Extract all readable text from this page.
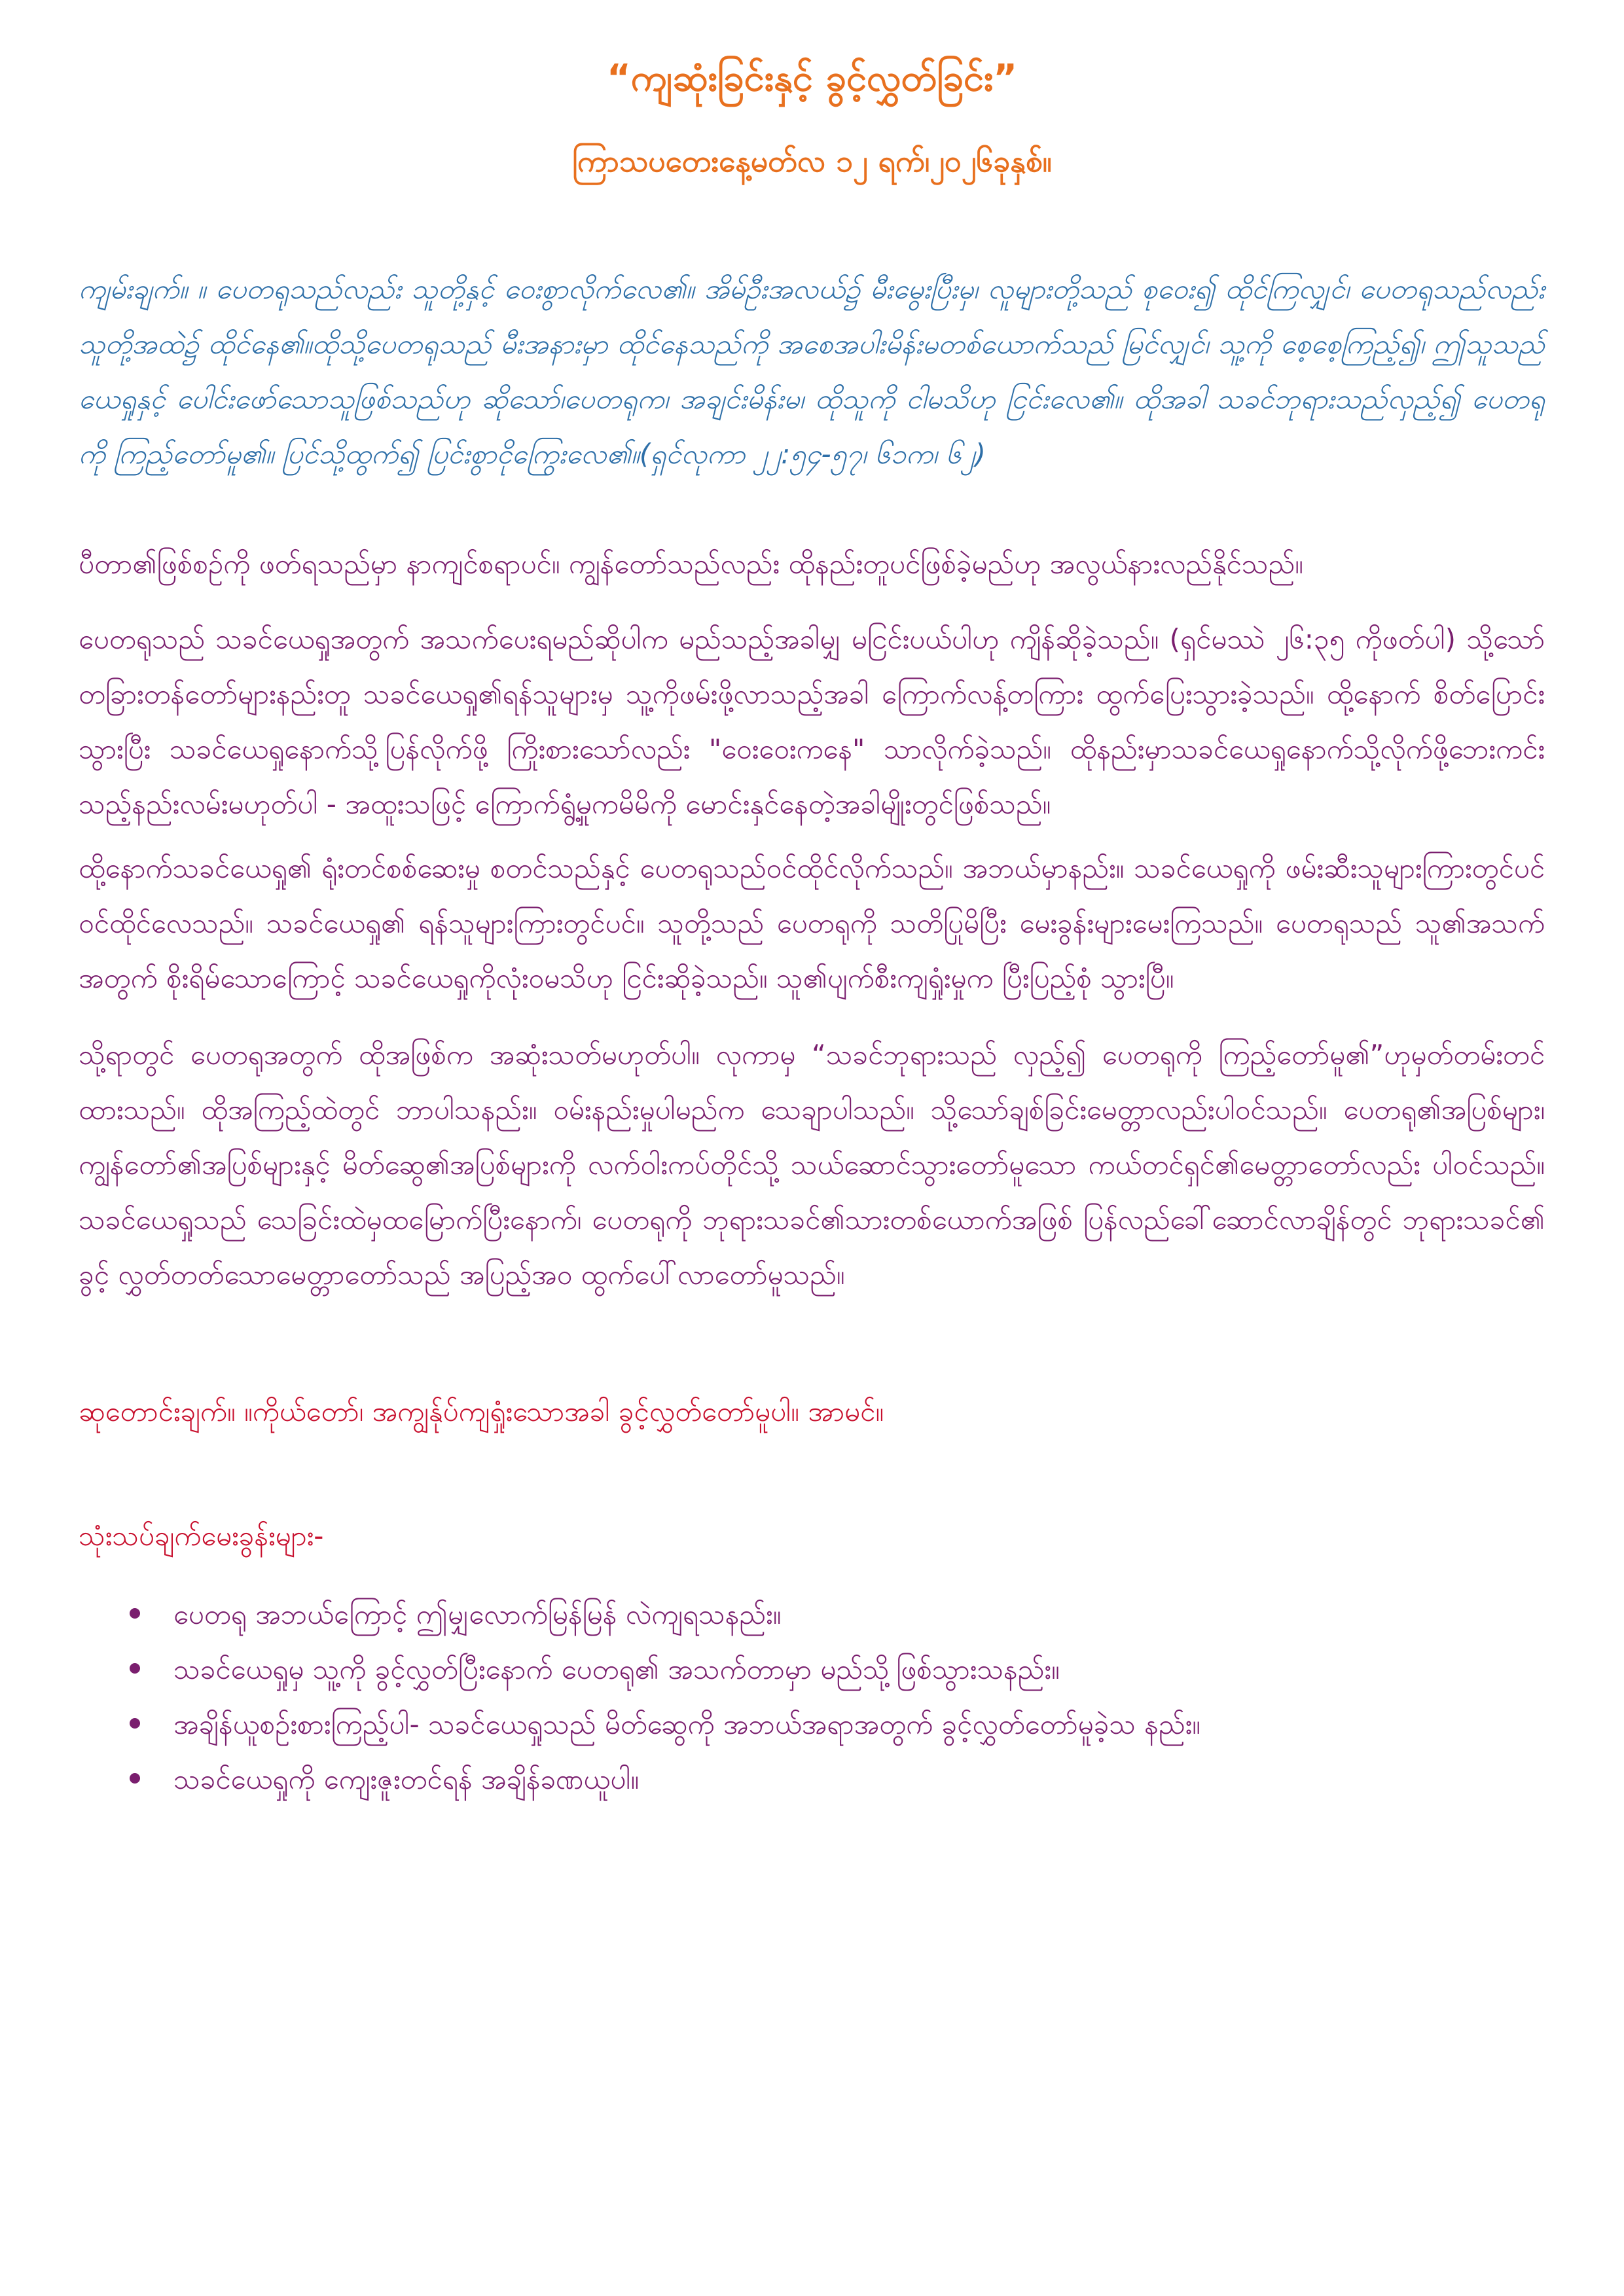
“ကျဆုံးခြင်းနှင့် ခွင့်လွှတ်ခြင်း”
ကြာသပတေးနေ့မတ်လ ၁၂ ရက်၊၂၀၂၆ခုနှစ်။

ကျမ်းချက်။ ။ ပေတရုသည်လည်း သူတို့နှင့် ဝေးစွာလိုက်လေ၏။ အိမ်ဦးအလယ်၌ မီးမွေးပြီးမှ၊ လူများတို့သည် စုဝေး၍ ထိုင်ကြလျှင်၊ ပေတရုသည်လည်း သူတို့အထဲ၌ ထိုင်နေ၏။ထိုသို့ပေတရုသည် မီးအနားမှာ ထိုင်နေသည်ကို အစေအပါးမိန်းမတစ်ယောက်သည် မြင်လျှင်၊ သူ့ကို စေ့စေ့ကြည့်၍၊ ဤသူသည် ယေရှုနှင့် ပေါင်းဖော်သောသူဖြစ်သည်ဟု ဆိုသော်၊ပေတရုက၊ အချင်းမိန်းမ၊ ထိုသူကို ငါမသိဟု ငြင်းလေ၏။ ထိုအခါ သခင်ဘုရားသည်လှည့်၍ ပေတရုကို ကြည့်တော်မူ၏။ ပြင်သို့ထွက်၍ ပြင်းစွာငိုကြွေးလေ၏။(ရှင်လုကာ ၂၂:၅၄-၅၇၊ ၆၁က၊ ၆၂)

ပီတာ၏ဖြစ်စဉ်ကို ဖတ်ရသည်မှာ နာကျင်စရာပင်။ ကျွန်တော်သည်လည်း ထိုနည်းတူပင်ဖြစ်ခဲ့မည်ဟု အလွယ်နားလည်နိုင်သည်။

ပေတရုသည် သခင်ယေရှုအတွက် အသက်ပေးရမည်ဆိုပါက မည်သည့်အခါမျှ မငြင်းပယ်ပါဟု ကျိန်ဆိုခဲ့သည်။ (ရှင်မဿဲ ၂၆:၃၅ ကိုဖတ်ပါ) သို့သော် တခြားတန်တော်များနည်းတူ သခင်ယေရှု၏ရန်သူများမှ သူ့ကိုဖမ်းဖို့လာသည့်အခါ ကြောက်လန့်တကြား ထွက်ပြေးသွားခဲ့သည်။ ထို့နောက် စိတ်ပြောင်းသွားပြီး သခင်ယေရှုနောက်သို့ပြန်လိုက်ဖို့ ကြိုးစားသော်လည်း "ဝေးဝေးကနေ" သာလိုက်ခဲ့သည်။ ထိုနည်းမှာသခင်ယေရှုနောက်သို့လိုက်ဖို့ဘေးကင်းသည့်နည်းလမ်းမဟုတ်ပါ - အထူးသဖြင့် ကြောက်ရွံ့မှုကမိမိကို မောင်းနှင်နေတဲ့အခါမျိုးတွင်ဖြစ်သည်။

ထို့နောက်သခင်ယေရှု၏ ရုံးတင်စစ်ဆေးမှု စတင်သည်နှင့် ပေတရုသည်ဝင်ထိုင်လိုက်သည်။ အဘယ်မှာနည်း။ သခင်ယေရှုကို ဖမ်းဆီးသူများကြားတွင်ပင် ဝင်ထိုင်လေသည်။ သခင်ယေရှု၏ ရန်သူများကြားတွင်ပင်။ သူတို့သည် ပေတရုကို သတိပြုမိပြီး မေးခွန်းများမေးကြသည်။ ပေတရုသည် သူ၏အသက်အတွက် စိုးရိမ်သောကြောင့် သခင်ယေရှုကိုလုံးဝမသိဟု ငြင်းဆိုခဲ့သည်။ သူ၏ပျက်စီးကျရှုံးမှုက ပြီးပြည့်စုံ သွားပြီ။

သို့ရာတွင် ပေတရုအတွက် ထိုအဖြစ်က အဆုံးသတ်မဟုတ်ပါ။ လုကာမှ “သခင်ဘုရားသည် လှည့်၍ ပေတရုကို ကြည့်တော်မူ၏”ဟုမှတ်တမ်းတင်ထားသည်။ ထိုအကြည့်ထဲတွင် ဘာပါသနည်း။ ဝမ်းနည်းမှုပါမည်က သေချာပါသည်။ သို့သော်ချစ်ခြင်းမေတ္တာလည်းပါဝင်သည်။ ပေတရု၏အပြစ်များ၊ ကျွန်တော်၏အပြစ်များနှင့် မိတ်ဆွေ၏အပြစ်များကို လက်ဝါးကပ်တိုင်သို့ သယ်ဆောင်သွားတော်မူသော ကယ်တင်ရှင်၏မေတ္တာတော်လည်း ပါဝင်သည်။သခင်ယေရှုသည် သေခြင်းထဲမှထမြောက်ပြီးနောက်၊ ပေတရုကို ဘုရားသခင်၏သားတစ်ယောက်အဖြစ် ပြန်လည်ခေါ်ဆောင်လာချိန်တွင် ဘုရားသခင်၏ ခွင့် လွှတ်တတ်သောမေတ္တာတော်သည် အပြည့်အဝ ထွက်ပေါ်လာတော်မူသည်။

ဆုတောင်းချက်။ ။ကိုယ်တော်၊ အကျွန်ုပ်ကျရှုံးသောအခါ ခွင့်လွှတ်တော်မူပါ။ အာမင်။

သုံးသပ်ချက်မေးခွန်းများ-

ပေတရု အဘယ်ကြောင့် ဤမျှလောက်မြန်မြန် လဲကျရသနည်း။
သခင်ယေရှုမှ သူ့ကို ခွင့်လွှတ်ပြီးနောက် ပေတရု၏ အသက်တာမှာ မည်သို့ဖြစ်သွားသနည်း။
အချိန်ယူစဉ်းစားကြည့်ပါ- သခင်ယေရှုသည် မိတ်ဆွေကို အဘယ်အရာအတွက် ခွင့်လွှတ်တော်မူခဲ့သ နည်း။
သခင်ယေရှုကို ကျေးဇူးတင်ရန် အချိန်ခဏယူပါ။
